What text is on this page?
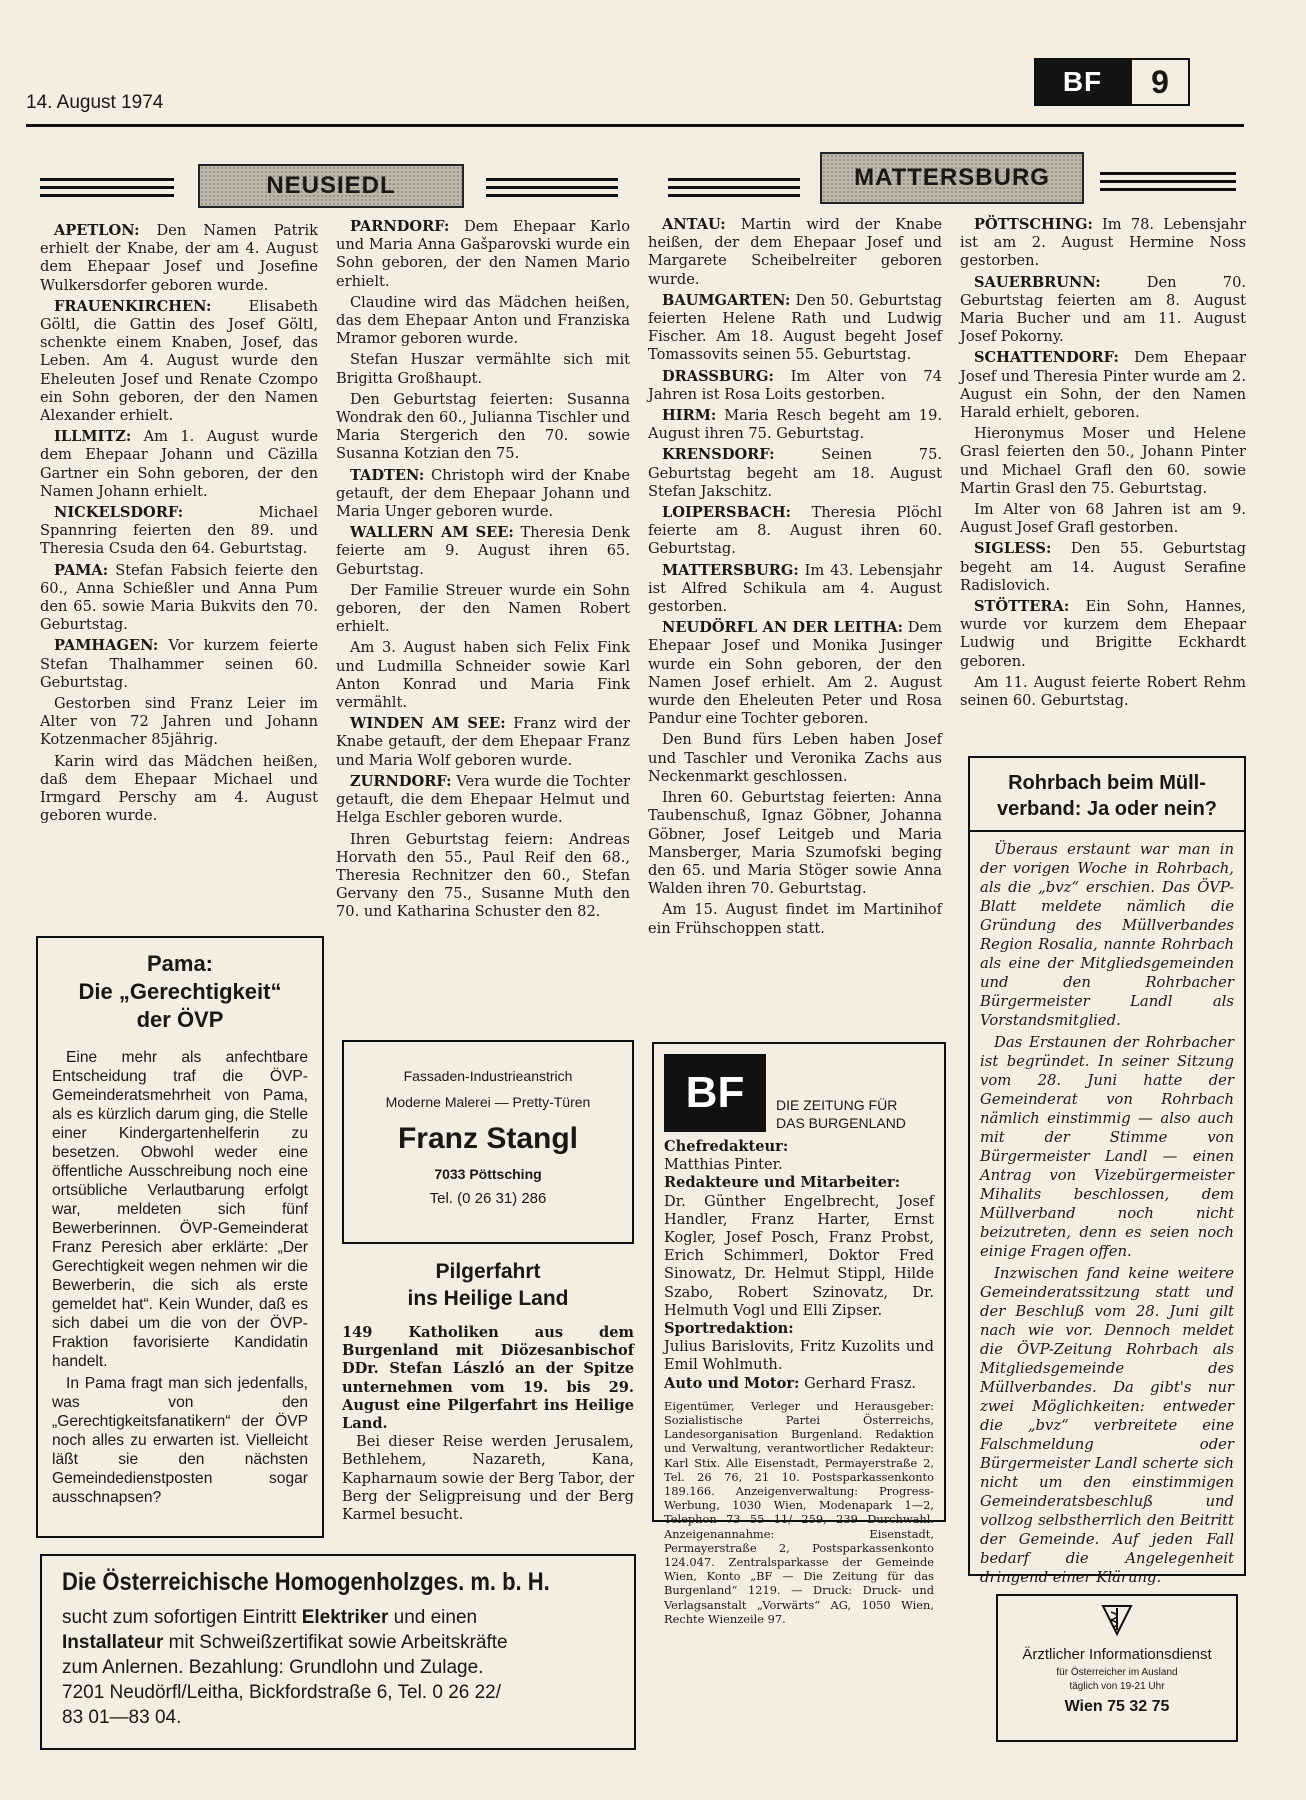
14. August 1974
BF	9
NEUSIEDL	MATTERSBURG

APETLON: Den Namen Patrik erhielt der Knabe, der am 4. August dem Ehepaar Josef und Josefine Wulkersdorfer geboren wurde.

FRAUENKIRCHEN: Elisabeth Göltl, die Gattin des Josef Göltl, schenkte einem Knaben, Josef, das Leben. Am 4. August wurde den Eheleuten Josef und Renate Czompo ein Sohn geboren, der den Namen Alexander erhielt.

ILLMITZ: Am 1. August wurde dem Ehepaar Johann und Cäzilla Gartner ein Sohn geboren, der den Namen Johann erhielt.

NICKELSDORF: Michael Spannring feierten den 89. und Theresia Csuda den 64. Geburtstag.

PAMA: Stefan Fabsich feierte den 60., Anna Schießler und Anna Pum den 65. sowie Maria Bukvits den 70. Geburtstag.

PAMHAGEN: Vor kurzem feierte Stefan Thalhammer seinen 60. Geburtstag.

Gestorben sind Franz Leier im Alter von 72 Jahren und Johann Kotzenmacher 85jährig.

Karin wird das Mädchen heißen, daß dem Ehepaar Michael und Irmgard Perschy am 4. August geboren wurde.

PARNDORF: Dem Ehepaar Karlo und Maria Anna Gašparovski wurde ein Sohn geboren, der den Namen Mario erhielt.

Claudine wird das Mädchen heißen, das dem Ehepaar Anton und Franziska Mramor geboren wurde.

Stefan Huszar vermählte sich mit Brigitta Großhaupt.

Den Geburtstag feierten: Susanna Wondrak den 60., Julianna Tischler und Maria Stergerich den 70. sowie Susanna Kotzian den 75.

TADTEN: Christoph wird der Knabe getauft, der dem Ehepaar Johann und Maria Unger geboren wurde.

WALLERN AM SEE: Theresia Denk feierte am 9. August ihren 65. Geburtstag.

Der Familie Streuer wurde ein Sohn geboren, der den Namen Robert erhielt.

Am 3. August haben sich Felix Fink und Ludmilla Schneider sowie Karl Anton Konrad und Maria Fink vermählt.

WINDEN AM SEE: Franz wird der Knabe getauft, der dem Ehepaar Franz und Maria Wolf geboren wurde.

ZURNDORF: Vera wurde die Tochter getauft, die dem Ehepaar Helmut und Helga Eschler geboren wurde.

Ihren Geburtstag feiern: Andreas Horvath den 55., Paul Reif den 68., Theresia Rechnitzer den 60., Stefan Gervany den 75., Susanne Muth den 70. und Katharina Schuster den 82.

ANTAU: Martin wird der Knabe heißen, der dem Ehepaar Josef und Margarete Scheibelreiter geboren wurde.

BAUMGARTEN: Den 50. Geburtstag feierten Helene Rath und Ludwig Fischer. Am 18. August begeht Josef Tomassovits seinen 55. Geburtstag.

DRASSBURG: Im Alter von 74 Jahren ist Rosa Loits gestorben.

HIRM: Maria Resch begeht am 19. August ihren 75. Geburtstag.

KRENSDORF: Seinen 75. Geburtstag begeht am 18. August Stefan Jakschitz.

LOIPERSBACH: Theresia Plöchl feierte am 8. August ihren 60. Geburtstag.

MATTERSBURG: Im 43. Lebensjahr ist Alfred Schikula am 4. August gestorben.

NEUDÖRFL AN DER LEITHA: Dem Ehepaar Josef und Monika Jusinger wurde ein Sohn geboren, der den Namen Josef erhielt. Am 2. August wurde den Eheleuten Peter und Rosa Pandur eine Tochter geboren.

Den Bund fürs Leben haben Josef und Taschler und Veronika Zachs aus Neckenmarkt geschlossen.

Ihren 60. Geburtstag feierten: Anna Taubenschuß, Ignaz Göbner, Johanna Göbner, Josef Leitgeb und Maria Mansberger, Maria Szumofski beging den 65. und Maria Stöger sowie Anna Walden ihren 70. Geburtstag.

Am 15. August findet im Martinihof ein Frühschoppen statt.

PÖTTSCHING: Im 78. Lebensjahr ist am 2. August Hermine Noss gestorben.

SAUERBRUNN: Den 70. Geburtstag feierten am 8. August Maria Bucher und am 11. August Josef Pokorny.

SCHATTENDORF: Dem Ehepaar Josef und Theresia Pinter wurde am 2. August ein Sohn, der den Namen Harald erhielt, geboren.

Hieronymus Moser und Helene Grasl feierten den 50., Johann Pinter und Michael Grafl den 60. sowie Martin Grasl den 75. Geburtstag.

Im Alter von 68 Jahren ist am 9. August Josef Grafl gestorben.

SIGLESS: Den 55. Geburtstag begeht am 14. August Serafine Radislovich.

STÖTTERA: Ein Sohn, Hannes, wurde vor kurzem dem Ehepaar Ludwig und Brigitte Eckhardt geboren.

Am 11. August feierte Robert Rehm seinen 60. Geburtstag.

Pama:
Die „Gerechtigkeit“
der ÖVP

Eine mehr als anfechtbare Entscheidung traf die ÖVP-Gemeinderatsmehrheit von Pama, als es kürzlich darum ging, die Stelle einer Kindergartenhelferin zu besetzen. Obwohl weder eine öffentliche Ausschreibung noch eine ortsübliche Verlautbarung erfolgt war, meldeten sich fünf Bewerberinnen. ÖVP-Gemeinderat Franz Peresich aber erklärte: „Der Gerechtigkeit wegen nehmen wir die Bewerberin, die sich als erste gemeldet hat“. Kein Wunder, daß es sich dabei um die von der ÖVP-Fraktion favorisierte Kandidatin handelt.

In Pama fragt man sich jedenfalls, was von den „Gerechtigkeitsfanatikern“ der ÖVP noch alles zu erwarten ist. Vielleicht läßt sie den nächsten Gemeindedienstposten sogar ausschnapsen?

Fassaden-Industrieanstrich
Moderne Malerei — Pretty-Türen
Franz Stangl
7033 Pöttsching
Tel. (0 26 31) 286
Pilgerfahrt
ins Heilige Land
149 Katholiken aus dem Burgenland mit Diözesanbischof DDr. Stefan László an der Spitze unternehmen vom 19. bis 29. August eine Pilgerfahrt ins Heilige Land.
Bei dieser Reise werden Jerusalem, Bethlehem, Nazareth, Kana, Kapharnaum sowie der Berg Tabor, der Berg der Seligpreisung und der Berg Karmel besucht.
BF	DIE ZEITUNG FÜR
DAS BURGENLAND
Chefredakteur:
Matthias Pinter.
Redakteure und Mitarbeiter:
Dr. Günther Engelbrecht, Josef Handler, Franz Harter, Ernst Kogler, Josef Posch, Franz Probst, Erich Schimmerl, Doktor Fred Sinowatz, Dr. Helmut Stippl, Hilde Szabo, Robert Szinovatz, Dr. Helmuth Vogl und Elli Zipser.
Sportredaktion:
Julius Barislovits, Fritz Kuzolits und Emil Wohlmuth.
Auto und Motor: Gerhard Frasz.
Eigentümer, Verleger und Herausgeber: Sozialistische Partei Österreichs, Landesorganisation Burgenland. Redaktion und Verwaltung, verantwortlicher Redakteur: Karl Stix. Alle Eisenstadt, Permayerstraße 2, Tel. 26 76, 21 10. Postsparkassenkonto 189.166. Anzeigenverwaltung: Progress-Werbung, 1030 Wien, Modenapark 1—2, Telephon 73 55 11/ 259, 239 Durchwahl. Anzeigenannahme: Eisenstadt, Permayerstraße 2, Postsparkassenkonto 124.047. Zentralsparkasse der Gemeinde Wien, Konto „BF — Die Zeitung für das Burgenland“ 1219. — Druck: Druck- und Verlagsanstalt „Vorwärts“ AG, 1050 Wien, Rechte Wienzeile 97.
Rohrbach beim Müll-
verband: Ja oder nein?

Überaus erstaunt war man in der vorigen Woche in Rohrbach, als die „bvz“ erschien. Das ÖVP-Blatt meldete nämlich die Gründung des Müllverbandes Region Rosalia, nannte Rohrbach als eine der Mitgliedsgemeinden und den Rohrbacher Bürgermeister Landl als Vorstandsmitglied.

Das Erstaunen der Rohrbacher ist begründet. In seiner Sitzung vom 28. Juni hatte der Gemeinderat von Rohrbach nämlich einstimmig — also auch mit der Stimme von Bürgermeister Landl — einen Antrag von Vizebürgermeister Mihalits beschlossen, dem Müllverband noch nicht beizutreten, denn es seien noch einige Fragen offen.

Inzwischen fand keine weitere Gemeinderatssitzung statt und der Beschluß vom 28. Juni gilt nach wie vor. Dennoch meldet die ÖVP-Zeitung Rohrbach als Mitgliedsgemeinde des Müllverbandes. Da gibt's nur zwei Möglichkeiten: entweder die „bvz“ verbreitete eine Falschmeldung oder Bürgermeister Landl scherte sich nicht um den einstimmigen Gemeinderatsbeschluß und vollzog selbstherrlich den Beitritt der Gemeinde. Auf jeden Fall bedarf die Angelegenheit dringend einer Klärung.

Die Österreichische Homogenholzges. m. b. H.
sucht zum sofortigen Eintritt Elektriker und einen
Installateur mit Schweißzertifikat sowie Arbeitskräfte
zum Anlernen. Bezahlung: Grundlohn und Zulage.
7201 Neudörfl/Leitha, Bickfordstraße 6, Tel. 0 26 22/
83 01—83 04.
Ärztlicher Informationsdienst
für Österreicher im Ausland
täglich von 19-21 Uhr
Wien 75 32 75
